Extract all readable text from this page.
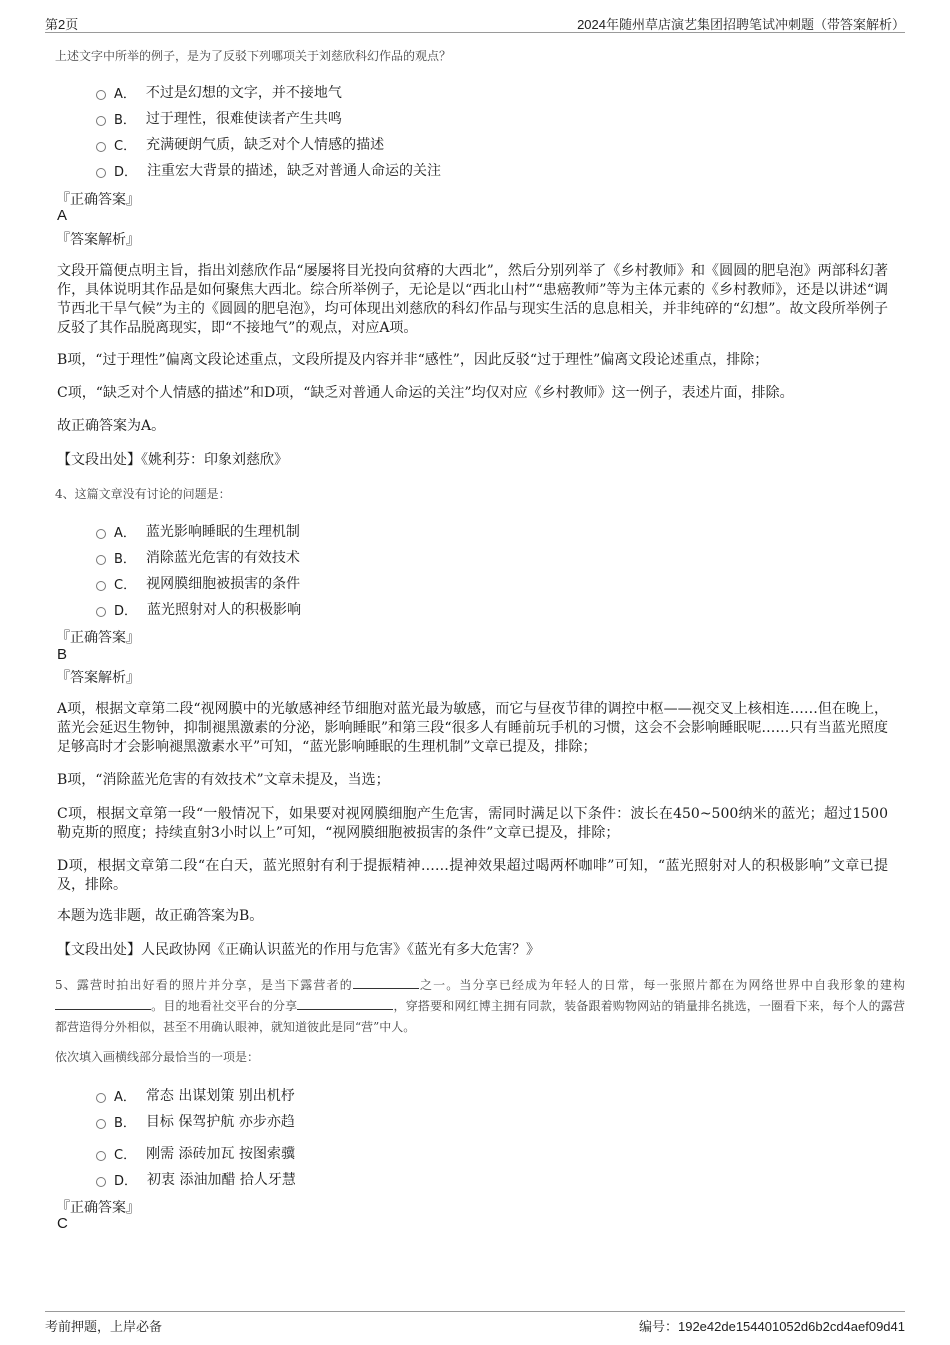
第2页	2024年随州草店演艺集团招聘笔试冲刺题（带答案解析）
上述文字中所举的例子，是为了反驳下列哪项关于刘慈欣科幻作品的观点？
A． 不过是幻想的文字，并不接地气
B． 过于理性，很难使读者产生共鸣
C． 充满硬朗气质，缺乏对个人情感的描述
D． 注重宏大背景的描述，缺乏对普通人命运的关注
『正确答案』
A
『答案解析』
文段开篇便点明主旨，指出刘慈欣作品“屡屡将目光投向贫瘠的大西北”，然后分别列举了《乡村教师》和《圆圆的肥皂泡》两部科幻著作，具体说明其作品是如何聚焦大西北。综合所举例子，无论是以“西北山村”“患癌教师”等为主体元素的《乡村教师》，还是以讲述“调节西北干旱气候”为主的《圆圆的肥皂泡》，均可体现出刘慈欣的科幻作品与现实生活的息息相关，并非纯碎的“幻想”。故文段所举例子反驳了其作品脱离现实，即“不接地气”的观点，对应A项。
B项，“过于理性”偏离文段论述重点，文段所提及内容并非“感性”，因此反驳“过于理性”偏离文段论述重点，排除；
C项，“缺乏对个人情感的描述”和D项，“缺乏对普通人命运的关注”均仅对应《乡村教师》这一例子，表述片面，排除。
故正确答案为A。
【文段出处】《姚利芬：印象刘慈欣》
4、这篇文章没有讨论的问题是：
A． 蓝光影响睡眠的生理机制
B． 消除蓝光危害的有效技术
C． 视网膜细胞被损害的条件
D． 蓝光照射对人的积极影响
『正确答案』
B
『答案解析』
A项，根据文章第二段“视网膜中的光敏感神经节细胞对蓝光最为敏感，而它与昼夜节律的调控中枢——视交叉上核相连……但在晚上，蓝光会延迟生物钟，抑制褪黑激素的分泌，影响睡眠”和第三段“很多人有睡前玩手机的习惯，这会不会影响睡眠呢……只有当蓝光照度足够高时才会影响褪黑激素水平”可知，“蓝光影响睡眠的生理机制”文章已提及，排除；
B项，“消除蓝光危害的有效技术”文章未提及，当选；
C项，根据文章第一段“一般情况下，如果要对视网膜细胞产生危害，需同时满足以下条件：波长在450~500纳米的蓝光；超过1500勒克斯的照度；持续直射3小时以上”可知，“视网膜细胞被损害的条件”文章已提及，排除；
D项，根据文章第二段“在白天，蓝光照射有利于提振精神……提神效果超过喝两杯咖啡”可知，“蓝光照射对人的积极影响”文章已提及，排除。
本题为选非题，故正确答案为B。
【文段出处】人民政协网《正确认识蓝光的作用与危害》《蓝光有多大危害？》
5、露营时拍出好看的照片并分享，是当下露营者的	之一。当分享已经成为年轻人的日常，每一张照片都在为网络世界中自我形象的建构。目的地看社交平台的分享	，穿搭要和网红博主拥有同款，装备跟着购物网站的销量排名挑选，一圈看下来，每个人的露营都营造得分外相似，甚至不用确认眼神，就知道彼此是同“营”中人。
依次填入画横线部分最恰当的一项是：
A． 常态 出谋划策 别出机杼
B． 目标 保驾护航 亦步亦趋
C． 刚需 添砖加瓦 按图索骥
D． 初衷 添油加醋 拾人牙慧
『正确答案』
C
考前押题，上岸必备	编号：192e42de154401052d6b2cd4aef09d41
